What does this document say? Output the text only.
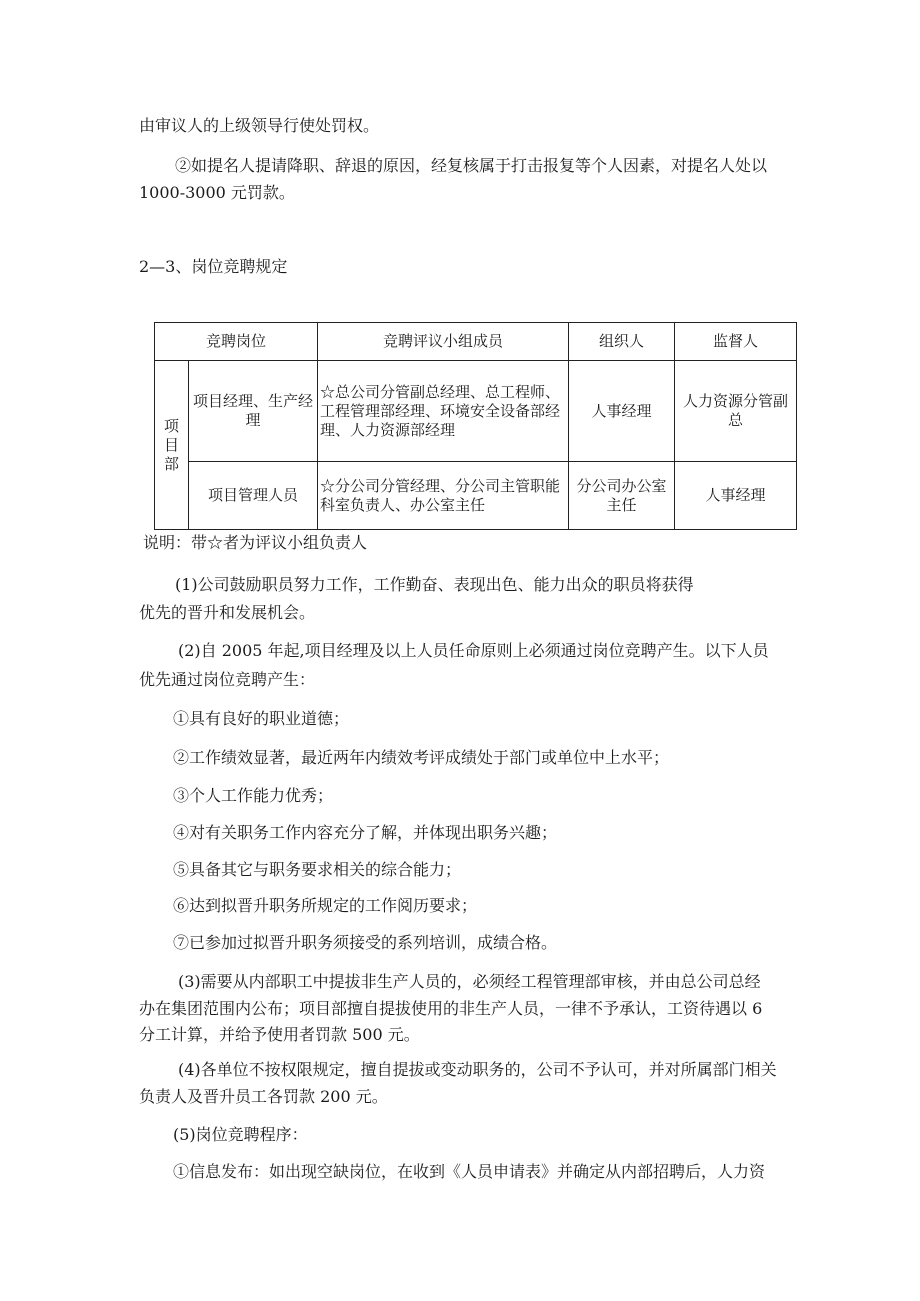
由审议人的上级领导行使处罚权。
②如提名人提请降职、辞退的原因，经复核属于打击报复等个人因素，对提名人处以
1000-3000 元罚款。
2—3、岗位竞聘规定
竞聘岗位		竞聘评议小组成员	组织人	监督人

项目部	项目经理、生产经理	☆总公司分管副总经理、总工程师、工程管理部经理、环境安全设备部经理、人力资源部经理	人事经理	人力资源分管副总
	项目管理人员	☆分公司分管经理、分公司主管职能科室负责人、办公室主任	分公司办公室主任	人事经理
说明：带☆者为评议小组负责人
(1)公司鼓励职员努力工作，工作勤奋、表现出色、能力出众的职员将获得
优先的晋升和发展机会。
(2)自 2005 年起,项目经理及以上人员任命原则上必须通过岗位竞聘产生。以下人员
优先通过岗位竞聘产生：
①具有良好的职业道德；
②工作绩效显著，最近两年内绩效考评成绩处于部门或单位中上水平；
③个人工作能力优秀；
④对有关职务工作内容充分了解，并体现出职务兴趣；
⑤具备其它与职务要求相关的综合能力；
⑥达到拟晋升职务所规定的工作阅历要求；
⑦已参加过拟晋升职务须接受的系列培训，成绩合格。
(3)需要从内部职工中提拔非生产人员的，必须经工程管理部审核，并由总公司总经
办在集团范围内公布；项目部擅自提拔使用的非生产人员，一律不予承认，工资待遇以 6
分工计算，并给予使用者罚款 500 元。
(4)各单位不按权限规定，擅自提拔或变动职务的，公司不予认可，并对所属部门相关
负责人及晋升员工各罚款 200 元。
(5)岗位竞聘程序：
①信息发布：如出现空缺岗位，在收到《人员申请表》并确定从内部招聘后，人力资
